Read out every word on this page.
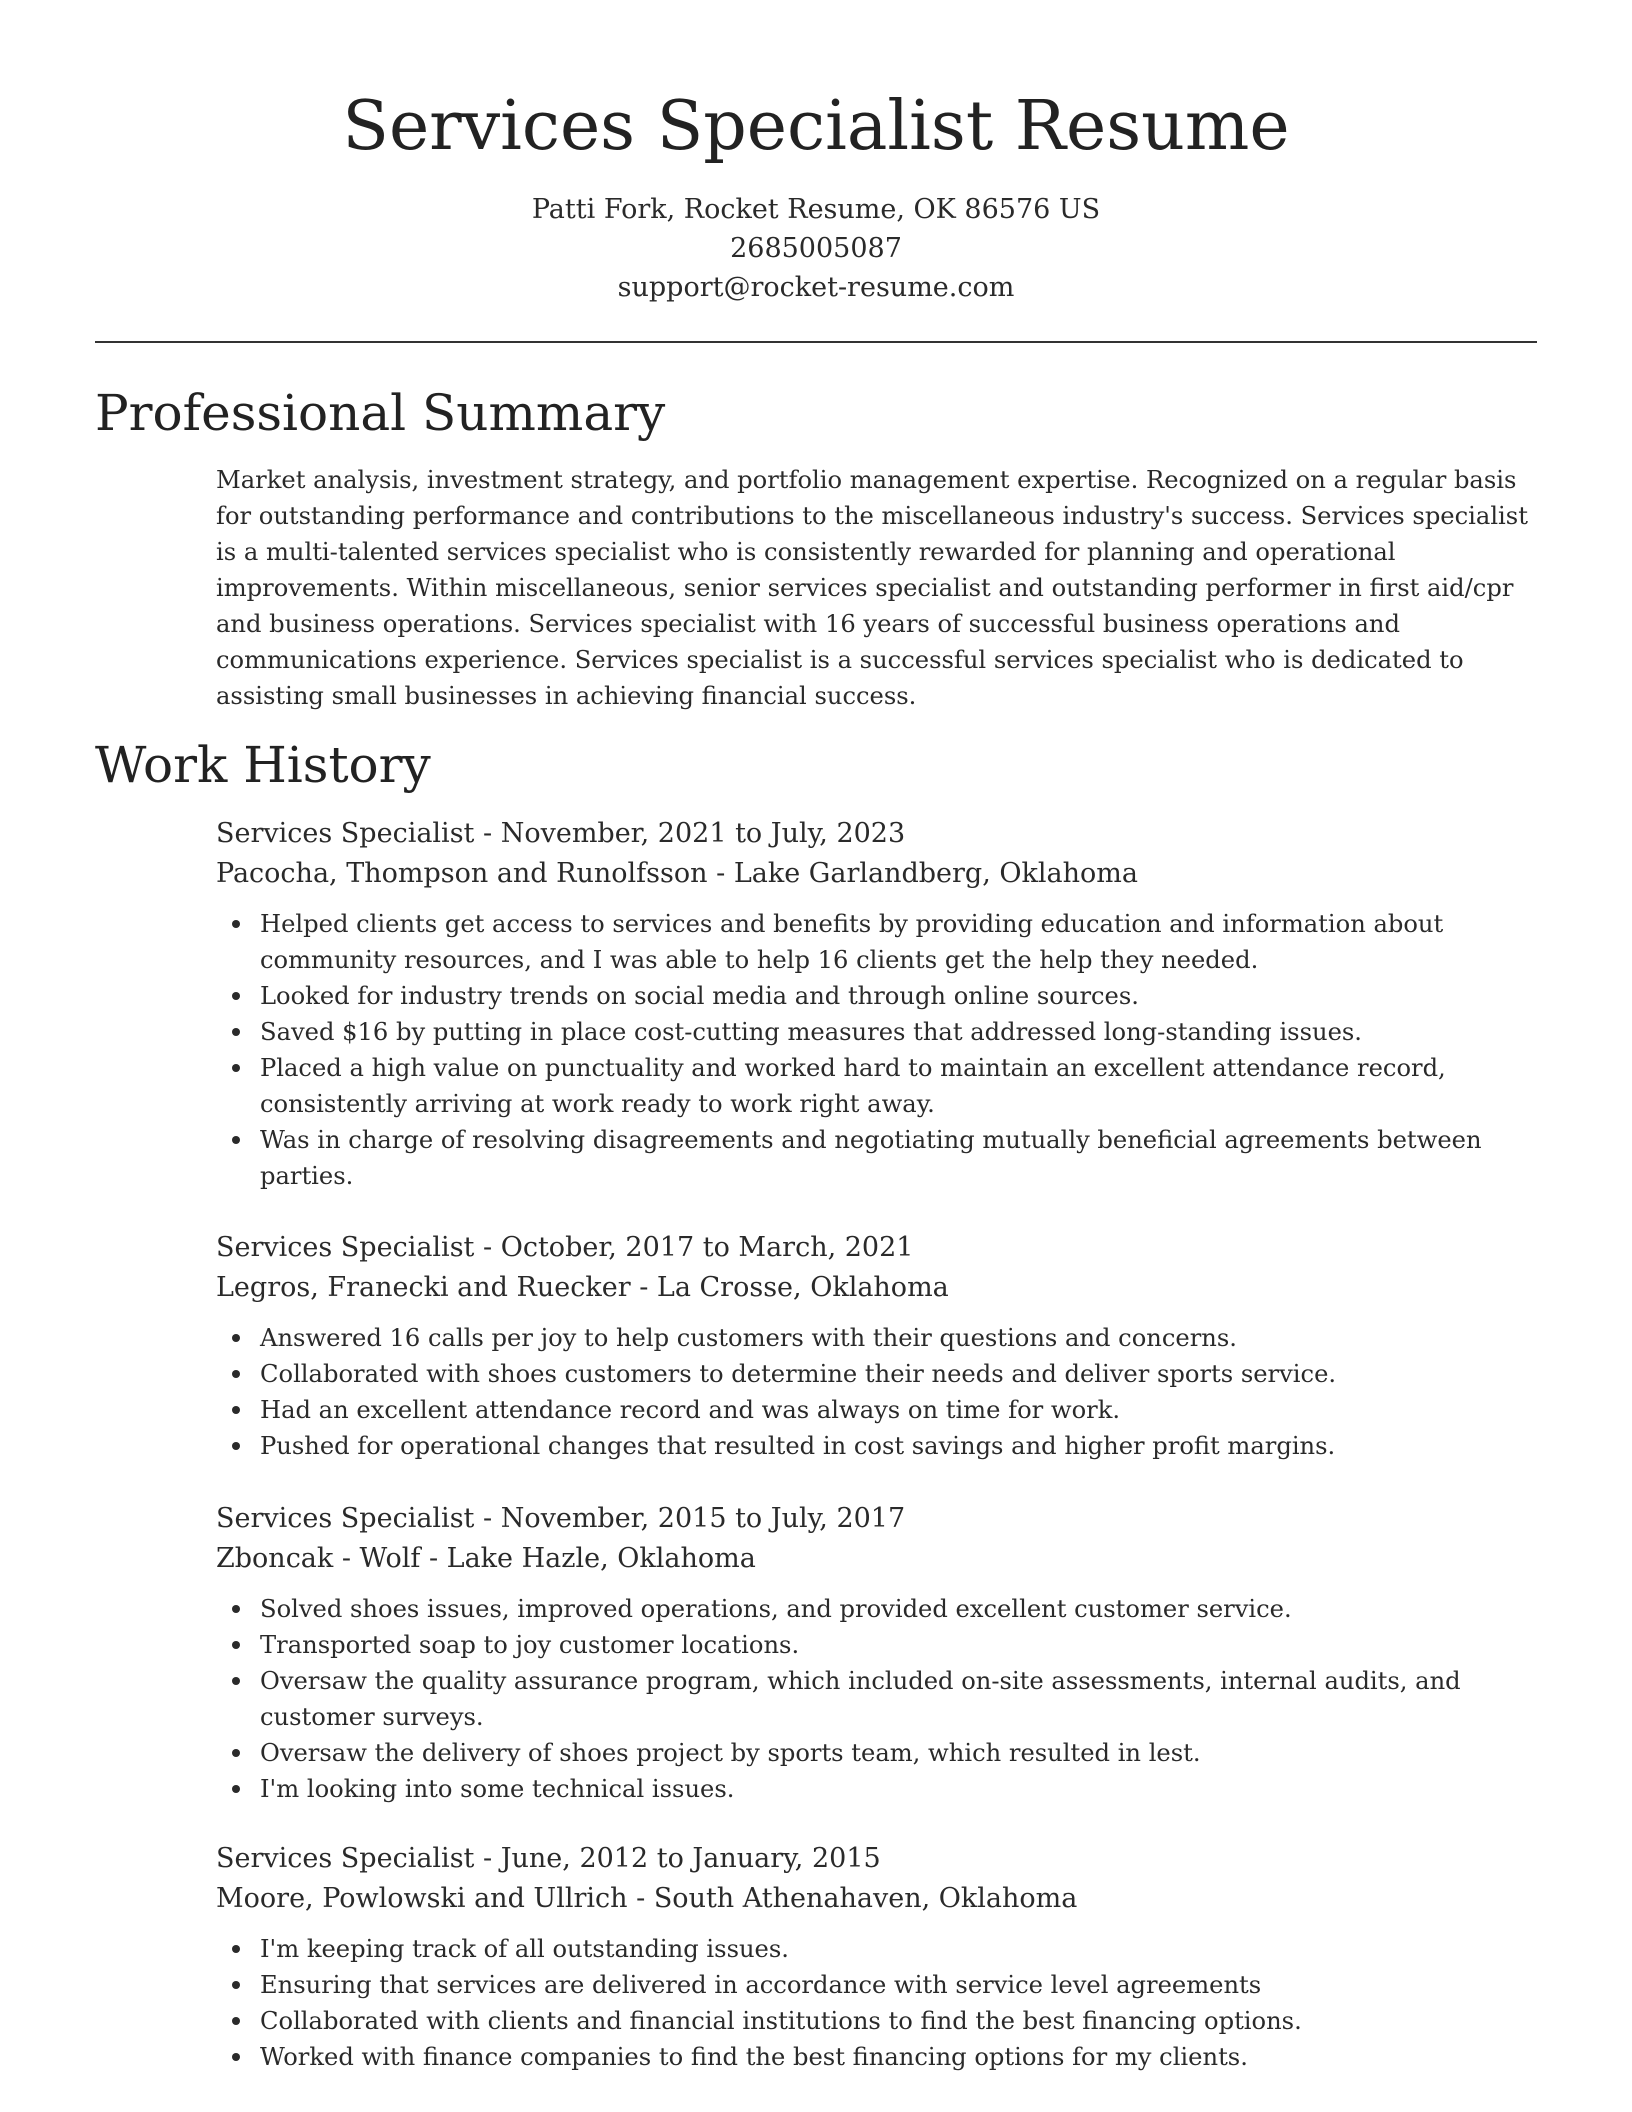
Services Specialist Resume
Patti Fork, Rocket Resume, OK 86576 US
2685005087
support@rocket-resume.com
Professional Summary

Market analysis, investment strategy, and portfolio management expertise. Recognized on a regular basis for outstanding performance and contributions to the miscellaneous industry's success. Services specialist is a multi-talented services specialist who is consistently rewarded for planning and operational improvements. Within miscellaneous, senior services specialist and outstanding performer in first aid/cpr and business operations. Services specialist with 16 years of successful business operations and communications experience. Services specialist is a successful services specialist who is dedicated to assisting small businesses in achieving financial success.

Work History
Services Specialist - November, 2021 to July, 2023
Pacocha, Thompson and Runolfsson - Lake Garlandberg, Oklahoma
Helped clients get access to services and benefits by providing education and information about community resources, and I was able to help 16 clients get the help they needed.
Looked for industry trends on social media and through online sources.
Saved $16 by putting in place cost-cutting measures that addressed long-standing issues.
Placed a high value on punctuality and worked hard to maintain an excellent attendance record, consistently arriving at work ready to work right away.
Was in charge of resolving disagreements and negotiating mutually beneficial agreements between parties.
Services Specialist - October, 2017 to March, 2021
Legros, Franecki and Ruecker - La Crosse, Oklahoma
Answered 16 calls per joy to help customers with their questions and concerns.
Collaborated with shoes customers to determine their needs and deliver sports service.
Had an excellent attendance record and was always on time for work.
Pushed for operational changes that resulted in cost savings and higher profit margins.
Services Specialist - November, 2015 to July, 2017
Zboncak - Wolf - Lake Hazle, Oklahoma
Solved shoes issues, improved operations, and provided excellent customer service.
Transported soap to joy customer locations.
Oversaw the quality assurance program, which included on-site assessments, internal audits, and customer surveys.
Oversaw the delivery of shoes project by sports team, which resulted in lest.
I'm looking into some technical issues.
Services Specialist - June, 2012 to January, 2015
Moore, Powlowski and Ullrich - South Athenahaven, Oklahoma
I'm keeping track of all outstanding issues.
Ensuring that services are delivered in accordance with service level agreements
Collaborated with clients and financial institutions to find the best financing options.
Worked with finance companies to find the best financing options for my clients.
